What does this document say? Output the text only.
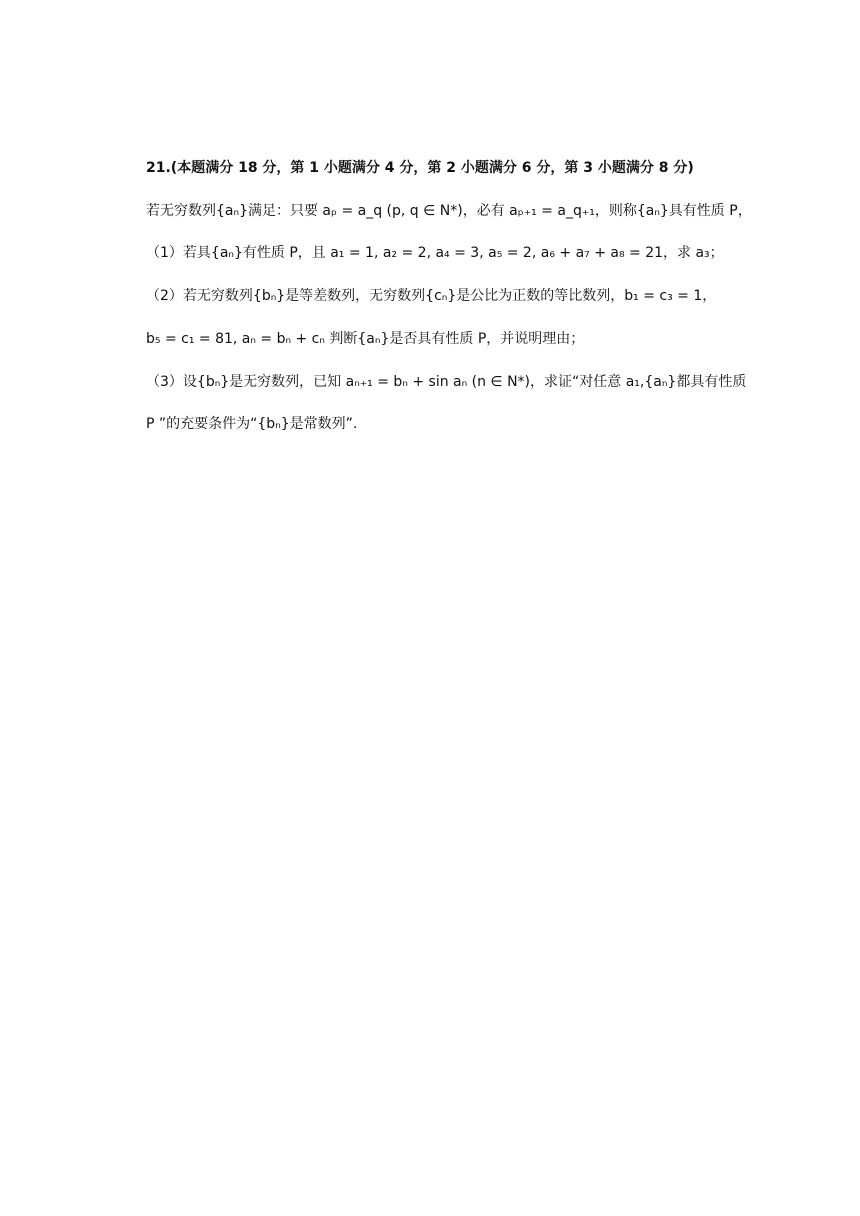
21.(本题满分 18 分，第 1 小题满分 4 分，第 2 小题满分 6 分，第 3 小题满分 8 分)
若无穷数列{aₙ}满足：只要 aₚ = a_q (p, q ∈ N*)，必有 aₚ₊₁ = a_q₊₁，则称{aₙ}具有性质 P，
（1）若具{aₙ}有性质 P，且 a₁ = 1, a₂ = 2, a₄ = 3, a₅ = 2, a₆ + a₇ + a₈ = 21，求 a₃；
（2）若无穷数列{bₙ}是等差数列，无穷数列{cₙ}是公比为正数的等比数列，b₁ = c₃ = 1，
b₅ = c₁ = 81, aₙ = bₙ + cₙ 判断{aₙ}是否具有性质 P，并说明理由；
（3）设{bₙ}是无穷数列，已知 aₙ₊₁ = bₙ + sin aₙ (n ∈ N*)，求证“对任意 a₁,{aₙ}都具有性质
P ”的充要条件为“{bₙ}是常数列”.
